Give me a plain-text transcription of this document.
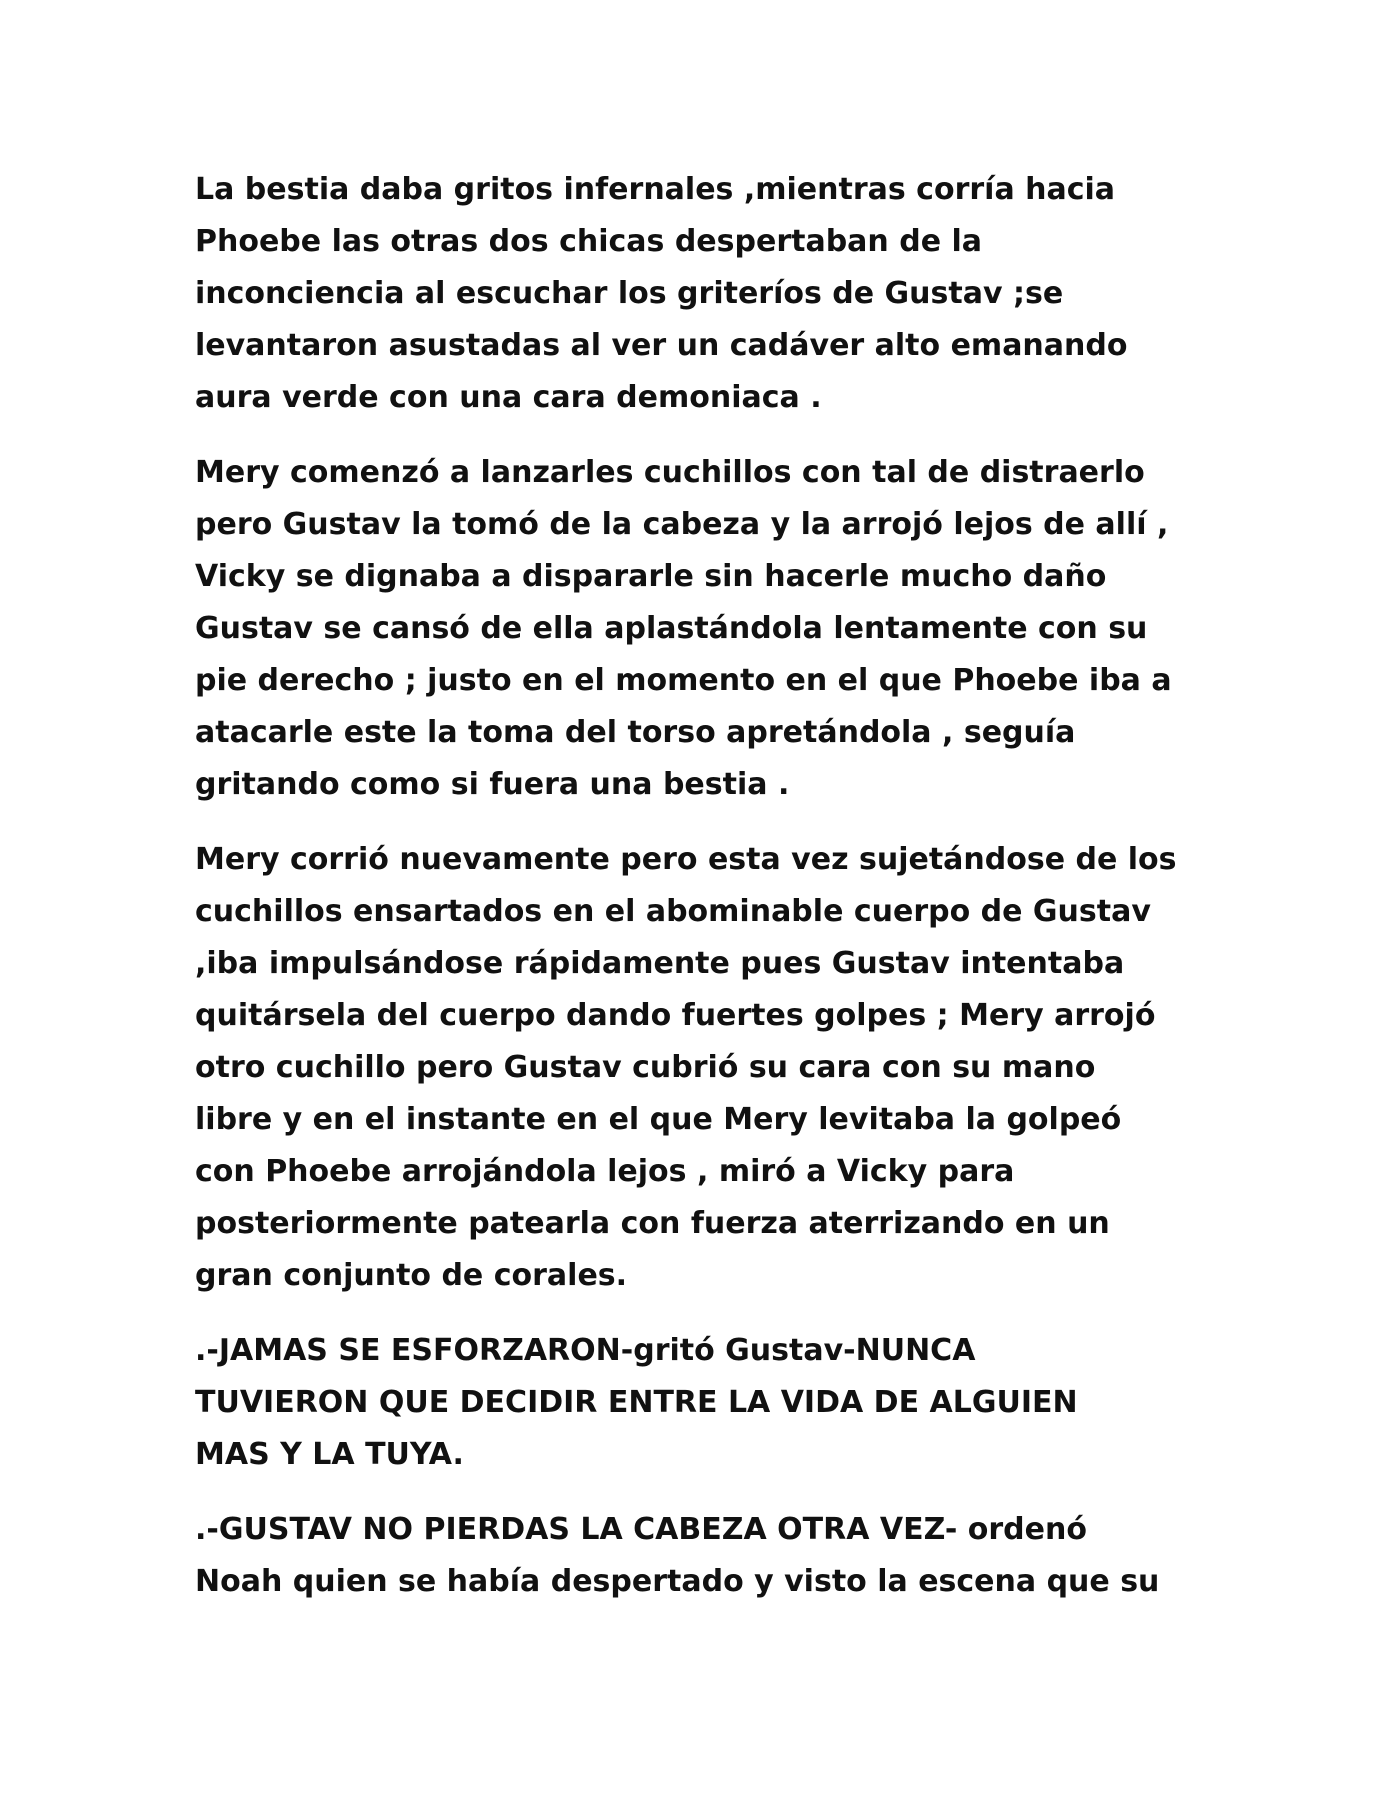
La bestia daba gritos infernales ,mientras corría hacia
Phoebe las otras dos chicas despertaban de la
inconciencia al escuchar los griteríos de Gustav ;se
levantaron asustadas al ver un cadáver alto emanando
aura verde con una cara demoniaca .

Mery comenzó a lanzarles cuchillos con tal de distraerlo
pero Gustav la tomó de la cabeza y la arrojó lejos de allí ,
Vicky se dignaba a dispararle sin hacerle mucho daño
Gustav se cansó de ella aplastándola lentamente con su
pie derecho ; justo en el momento en el que Phoebe iba a
atacarle este la toma del torso apretándola , seguía
gritando como si fuera una bestia .

Mery corrió nuevamente pero esta vez sujetándose de los
cuchillos ensartados en el abominable cuerpo de Gustav
,iba impulsándose rápidamente pues Gustav intentaba
quitársela del cuerpo dando fuertes golpes ; Mery arrojó
otro cuchillo pero Gustav cubrió su cara con su mano
libre y en el instante en el que Mery levitaba la golpeó
con Phoebe arrojándola lejos , miró a Vicky para
posteriormente patearla con fuerza aterrizando en un
gran conjunto de corales.

.-JAMAS SE ESFORZARON-gritó Gustav-NUNCA
TUVIERON QUE DECIDIR ENTRE LA VIDA DE ALGUIEN
MAS Y LA TUYA.

.-GUSTAV NO PIERDAS LA CABEZA OTRA VEZ- ordenó
Noah quien se había despertado y visto la escena que su
